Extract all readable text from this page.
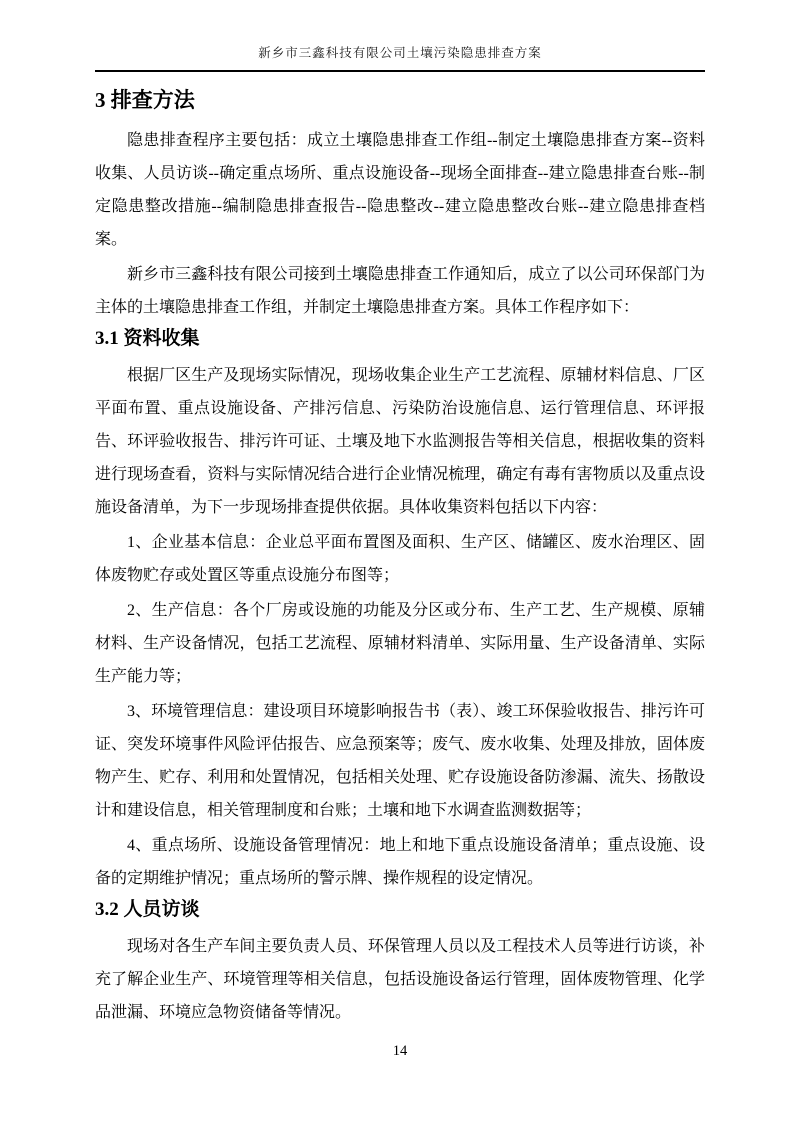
新乡市三鑫科技有限公司土壤污染隐患排查方案
3 排查方法

隐患排查程序主要包括：成立土壤隐患排查工作组--制定土壤隐患排查方案--资料收集、人员访谈--确定重点场所、重点设施设备--现场全面排查--建立隐患排查台账--制定隐患整改措施--编制隐患排查报告--隐患整改--建立隐患整改台账--建立隐患排查档案。

新乡市三鑫科技有限公司接到土壤隐患排查工作通知后，成立了以公司环保部门为主体的土壤隐患排查工作组，并制定土壤隐患排查方案。具体工作程序如下：

3.1 资料收集

根据厂区生产及现场实际情况，现场收集企业生产工艺流程、原辅材料信息、厂区平面布置、重点设施设备、产排污信息、污染防治设施信息、运行管理信息、环评报告、环评验收报告、排污许可证、土壤及地下水监测报告等相关信息，根据收集的资料进行现场查看，资料与实际情况结合进行企业情况梳理，确定有毒有害物质以及重点设施设备清单，为下一步现场排查提供依据。具体收集资料包括以下内容：

1、企业基本信息：企业总平面布置图及面积、生产区、储罐区、废水治理区、固体废物贮存或处置区等重点设施分布图等；

2、生产信息：各个厂房或设施的功能及分区或分布、生产工艺、生产规模、原辅材料、生产设备情况，包括工艺流程、原辅材料清单、实际用量、生产设备清单、实际生产能力等；

3、环境管理信息：建设项目环境影响报告书（表）、竣工环保验收报告、排污许可证、突发环境事件风险评估报告、应急预案等；废气、废水收集、处理及排放，固体废物产生、贮存、利用和处置情况，包括相关处理、贮存设施设备防渗漏、流失、扬散设计和建设信息，相关管理制度和台账；土壤和地下水调查监测数据等；

4、重点场所、设施设备管理情况：地上和地下重点设施设备清单；重点设施、设备的定期维护情况；重点场所的警示牌、操作规程的设定情况。

3.2 人员访谈

现场对各生产车间主要负责人员、环保管理人员以及工程技术人员等进行访谈，补充了解企业生产、环境管理等相关信息，包括设施设备运行管理，固体废物管理、化学品泄漏、环境应急物资储备等情况。

14
